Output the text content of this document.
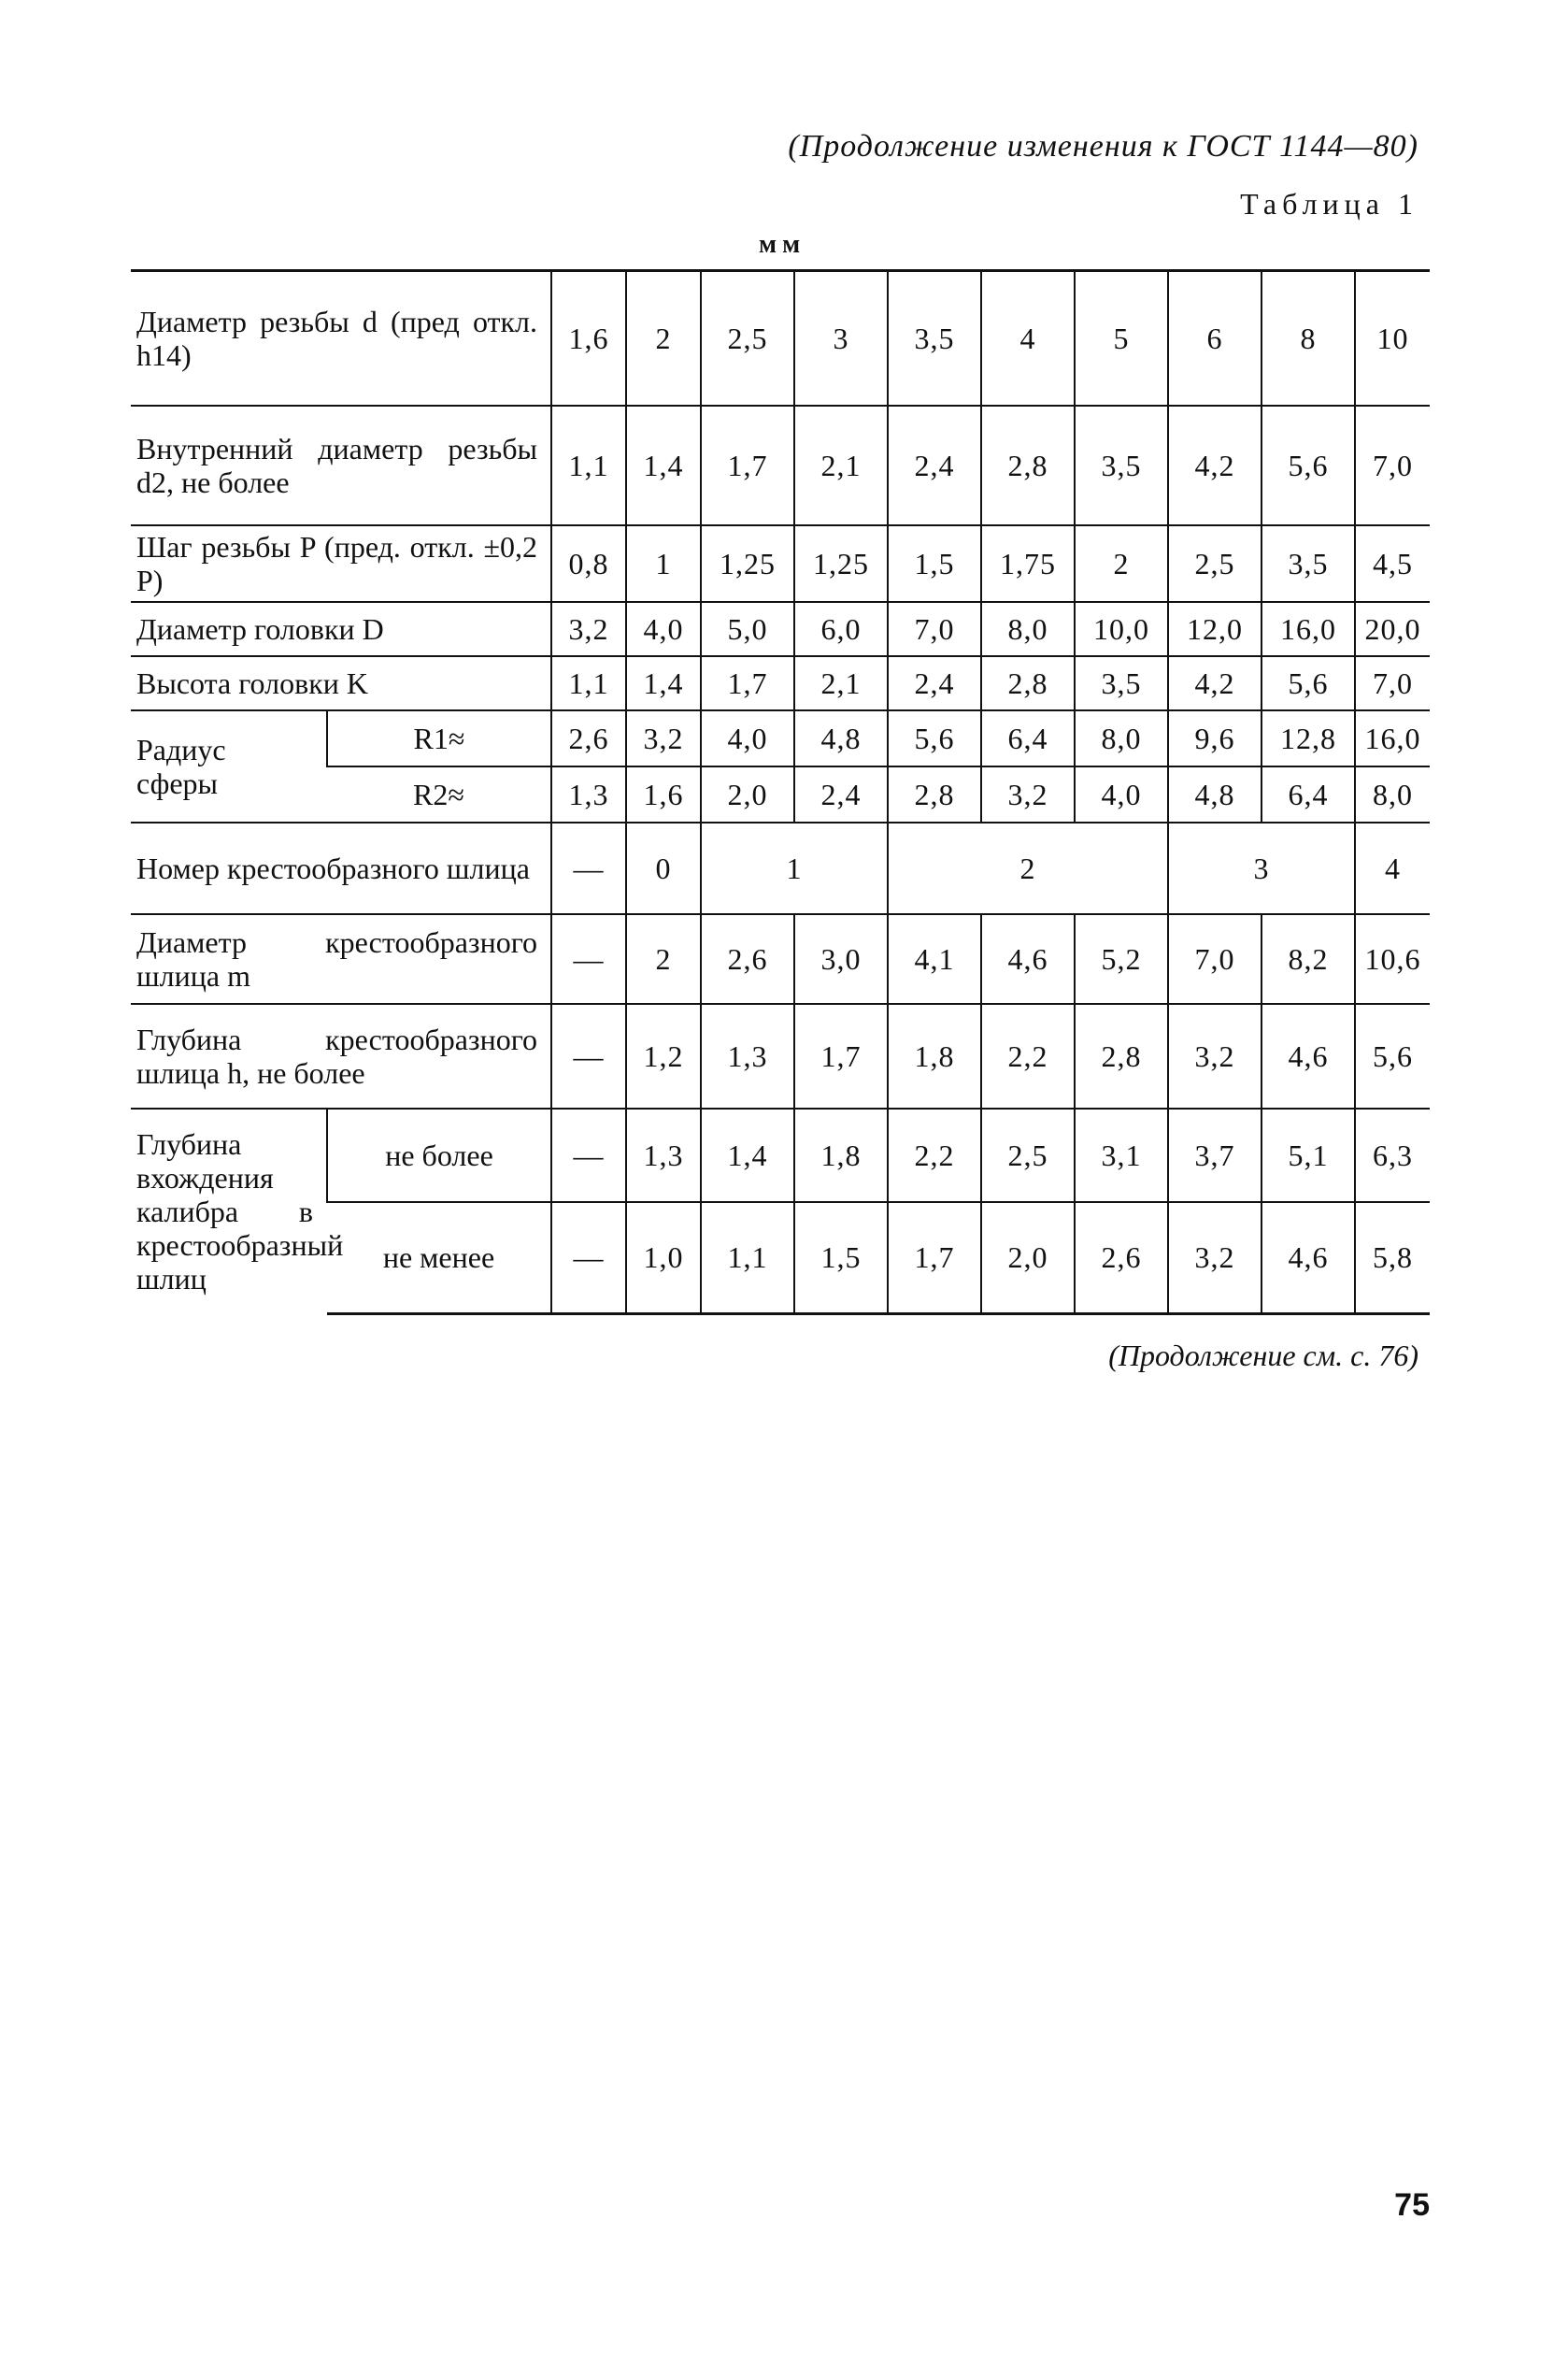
(Продолжение изменения к ГОСТ 1144—80)
Таблица 1
мм
Диаметр резьбы d (пред откл. h14)		1,6	2	2,5	3	3,5	4	5	6	8	10
Внутренний диаметр резьбы d2, не более		1,1	1,4	1,7	2,1	2,4	2,8	3,5	4,2	5,6	7,0
Шаг резьбы P (пред. откл. ±0,2 P)		0,8	1	1,25	1,25	1,5	1,75	2	2,5	3,5	4,5
Диаметр головки D		3,2	4,0	5,0	6,0	7,0	8,0	10,0	12,0	16,0	20,0
Высота головки K		1,1	1,4	1,7	2,1	2,4	2,8	3,5	4,2	5,6	7,0
Радиус сферы	R1≈	2,6	3,2	4,0	4,8	5,6	6,4	8,0	9,6	12,8	16,0
	R2≈	1,3	1,6	2,0	2,4	2,8	3,2	4,0	4,8	6,4	8,0
Номер крестообразного шлица		—	0	1		2			3		4
Диаметр крестообразного шлица m		—	2	2,6	3,0	4,1	4,6	5,2	7,0	8,2	10,6
Глубина крестообразного шлица h, не более		—	1,2	1,3	1,7	1,8	2,2	2,8	3,2	4,6	5,6
Глубина вхождения калибра в крестообразный шлиц	не более	—	1,3	1,4	1,8	2,2	2,5	3,1	3,7	5,1	6,3
	не менее	—	1,0	1,1	1,5	1,7	2,0	2,6	3,2	4,6	5,8
(Продолжение см. с. 76)
75
